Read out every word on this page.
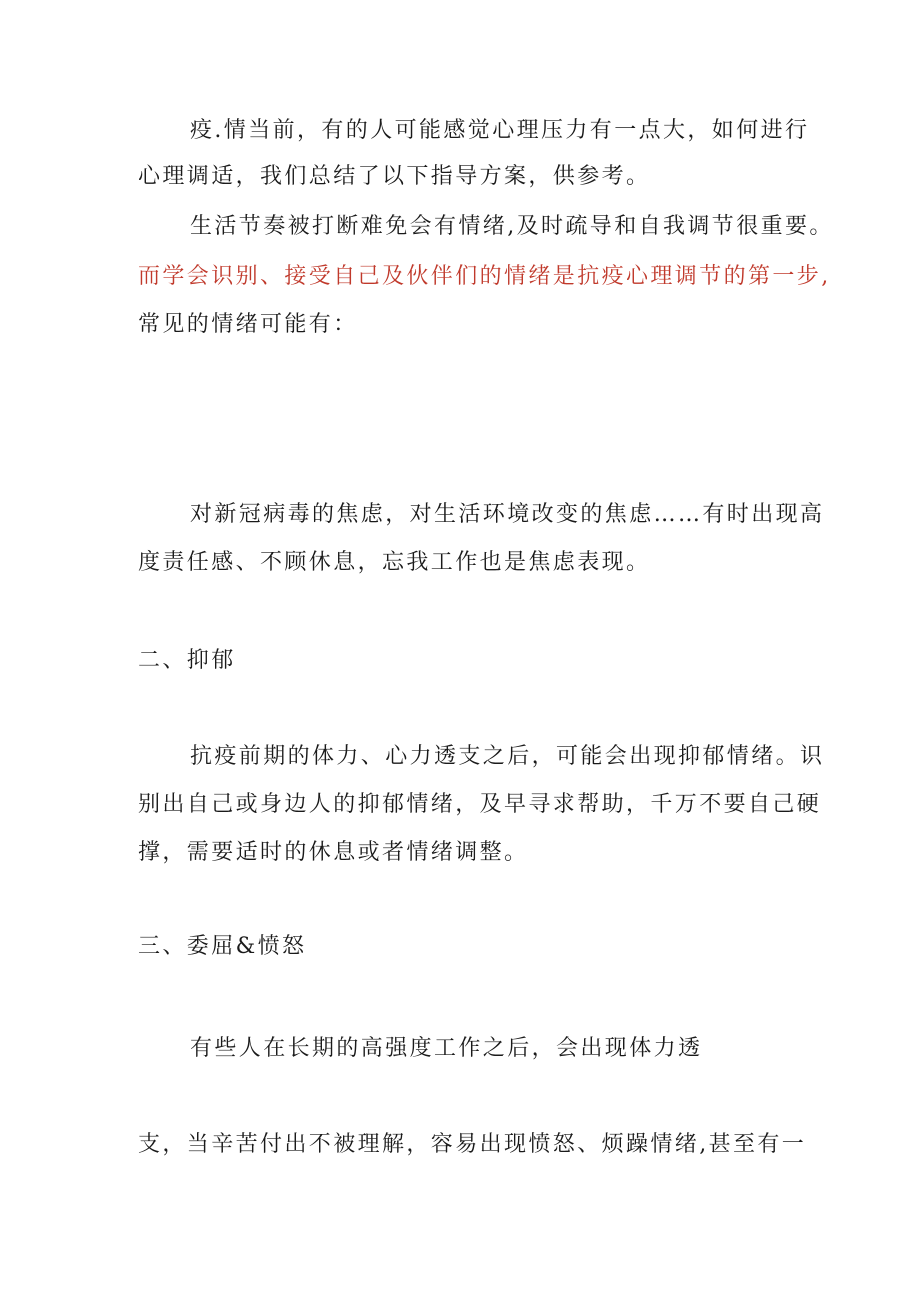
疫.情当前，有的人可能感觉心理压力有一点大，如何进行
心理调适，我们总结了以下指导方案，供参考。
生活节奏被打断难免会有情绪,及时疏导和自我调节很重要。
而学会识别、接受自己及伙伴们的情绪是抗疫心理调节的第一步,
常见的情绪可能有：
对新冠病毒的焦虑，对生活环境改变的焦虑……有时出现高
度责任感、不顾休息，忘我工作也是焦虑表现。
二、抑郁
抗疫前期的体力、心力透支之后，可能会出现抑郁情绪。识
别出自己或身边人的抑郁情绪，及早寻求帮助，千万不要自己硬
撑，需要适时的休息或者情绪调整。
三、委屈&愤怒
有些人在长期的高强度工作之后，会出现体力透
支，当辛苦付出不被理解，容易出现愤怒、烦躁情绪,甚至有一
